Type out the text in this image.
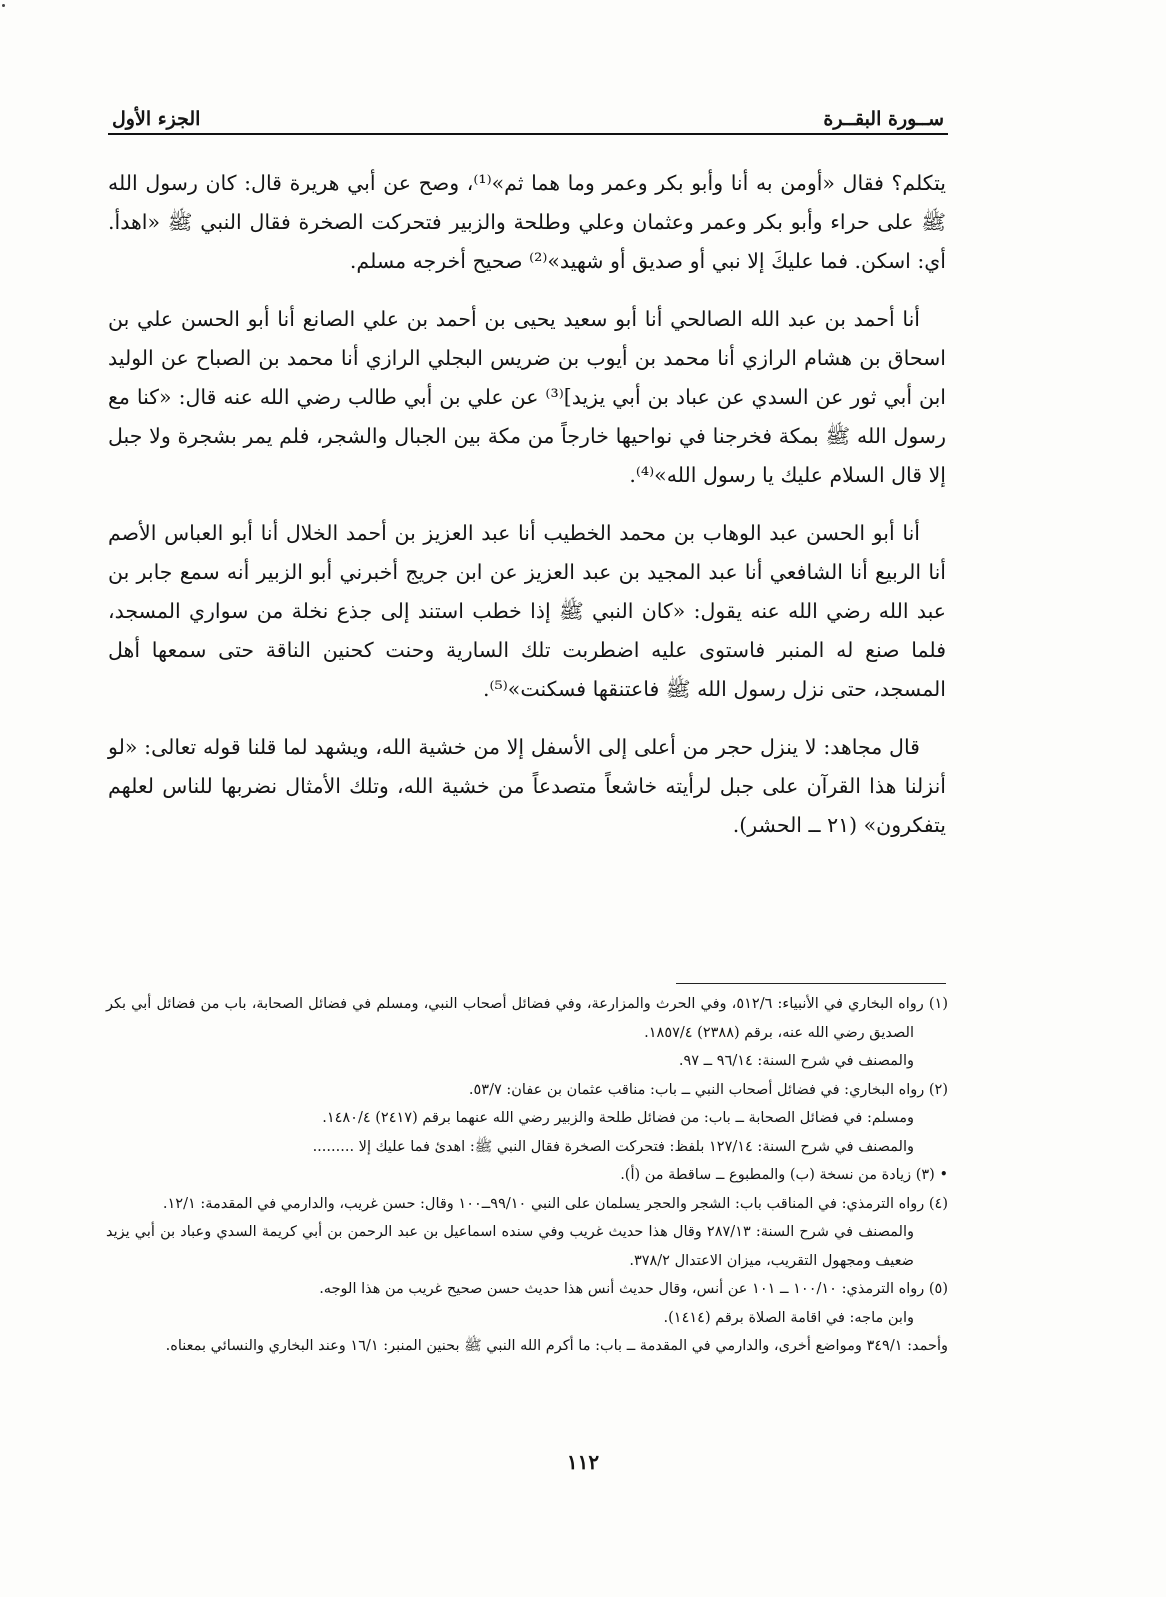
ســورة البقــرة
الجزء الأول

يتكلم؟ فقال «أومن به أنا وأبو بكر وعمر وما هما ثم»⁽¹⁾، وصح عن أبي هريرة قال: كان رسول الله ﷺ على حراء وأبو بكر وعمر وعثمان وعلي وطلحة والزبير فتحركت الصخرة فقال النبي ﷺ «اهدأ. أي: اسكن. فما عليكَ إلا نبي أو صديق أو شهيد»⁽²⁾ صحيح أخرجه مسلم.

أنا أحمد بن عبد الله الصالحي أنا أبو سعيد يحيى بن أحمد بن علي الصانع أنا أبو الحسن علي بن اسحاق بن هشام الرازي أنا محمد بن أيوب بن ضريس البجلي الرازي أنا محمد بن الصباح عن الوليد ابن أبي ثور عن السدي عن عباد بن أبي يزيد]⁽³⁾ عن علي بن أبي طالب رضي الله عنه قال: «كنا مع رسول الله ﷺ بمكة فخرجنا في نواحيها خارجاً من مكة بين الجبال والشجر، فلم يمر بشجرة ولا جبل إلا قال السلام عليك يا رسول الله»⁽⁴⁾.

أنا أبو الحسن عبد الوهاب بن محمد الخطيب أنا عبد العزيز بن أحمد الخلال أنا أبو العباس الأصم أنا الربيع أنا الشافعي أنا عبد المجيد بن عبد العزيز عن ابن جريج أخبرني أبو الزبير أنه سمع جابر بن عبد الله رضي الله عنه يقول: «كان النبي ﷺ إذا خطب استند إلى جذع نخلة من سواري المسجد، فلما صنع له المنبر فاستوى عليه اضطربت تلك السارية وحنت كحنين الناقة حتى سمعها أهل المسجد، حتى نزل رسول الله ﷺ فاعتنقها فسكنت»⁽⁵⁾.

قال مجاهد: لا ينزل حجر من أعلى إلى الأسفل إلا من خشية الله، ويشهد لما قلنا قوله تعالى: «لو أنزلنا هذا القرآن على جبل لرأيته خاشعاً متصدعاً من خشية الله، وتلك الأمثال نضربها للناس لعلهم يتفكرون» (٢١ ــ الحشر).

(١) رواه البخاري في الأنبياء: ٥١٢/٦، وفي الحرث والمزارعة، وفي فضائل أصحاب النبي، ومسلم في فضائل الصحابة، باب من فضائل أبي بكر الصديق رضي الله عنه، برقم (٢٣٨٨) ١٨٥٧/٤.

والمصنف في شرح السنة: ٩٦/١٤ ــ ٩٧.

(٢) رواه البخاري: في فضائل أصحاب النبي ــ باب: مناقب عثمان بن عفان: ٥٣/٧.

ومسلم: في فضائل الصحابة ــ باب: من فضائل طلحة والزبير رضي الله عنهما برقم (٢٤١٧) ١٤٨٠/٤.

والمصنف في شرح السنة: ١٢٧/١٤ بلفظ: فتحركت الصخرة فقال النبي ﷺ: اهدئ فما عليك إلا .........

• (٣) زيادة من نسخة (ب) والمطبوع ــ ساقطة من (أ).

(٤) رواه الترمذي: في المناقب باب: الشجر والحجر يسلمان على النبي ٩٩/١٠ــ١٠٠ وقال: حسن غريب، والدارمي في المقدمة: ١٢/١.

والمصنف في شرح السنة: ٢٨٧/١٣ وقال هذا حديث غريب وفي سنده اسماعيل بن عبد الرحمن بن أبي كريمة السدي وعباد بن أبي يزيد ضعيف ومجهول التقريب، ميزان الاعتدال ٣٧٨/٢.

(٥) رواه الترمذي: ١٠٠/١٠ ــ ١٠١ عن أنس، وقال حديث أنس هذا حديث حسن صحيح غريب من هذا الوجه.

وابن ماجه: في اقامة الصلاة برقم (١٤١٤).

وأحمد: ٣٤٩/١ ومواضع أخرى، والدارمي في المقدمة ــ باب: ما أكرم الله النبي ﷺ بحنين المنبر: ١٦/١ وعند البخاري والنسائي بمعناه.

١١٢
